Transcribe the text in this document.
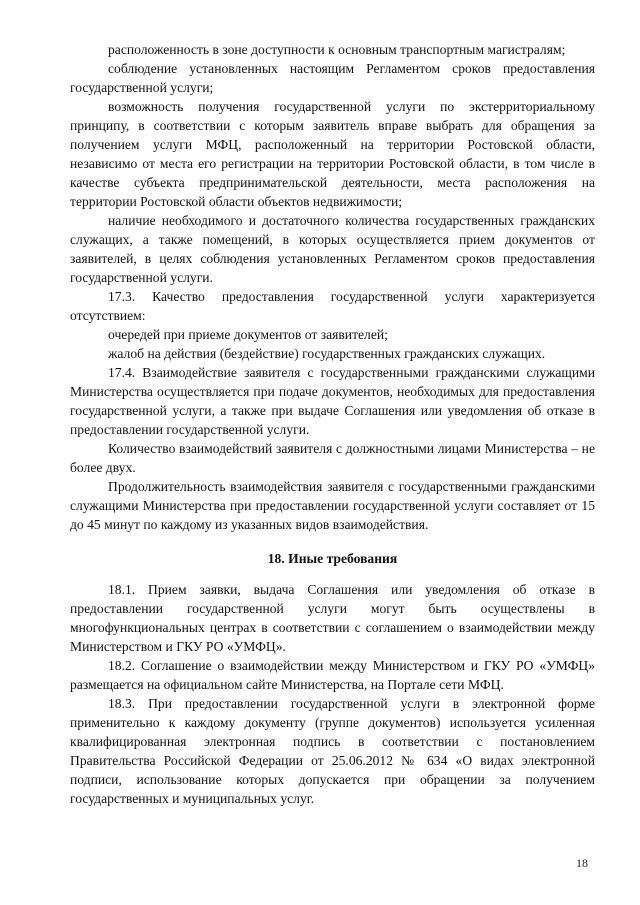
расположенность в зоне доступности к основным транспортным магистралям;

соблюдение установленных настоящим Регламентом сроков предоставления государственной услуги;

возможность получения государственной услуги по экстерриториальному принципу, в соответствии с которым заявитель вправе выбрать для обращения за получением услуги МФЦ, расположенный на территории Ростовской области, независимо от места его регистрации на территории Ростовской области, в том числе в качестве субъекта предпринимательской деятельности, места расположения на территории Ростовской области объектов недвижимости;

наличие необходимого и достаточного количества государственных гражданских служащих, а также помещений, в которых осуществляется прием документов от заявителей, в целях соблюдения установленных Регламентом сроков предоставления государственной услуги.

17.3. Качество предоставления государственной услуги характеризуется отсутствием:

очередей при приеме документов от заявителей;

жалоб на действия (бездействие) государственных гражданских служащих.

17.4. Взаимодействие заявителя с государственными гражданскими служащими Министерства осуществляется при подаче документов, необходимых для предоставления государственной услуги, а также при выдаче Соглашения или уведомления об отказе в предоставлении государственной услуги.

Количество взаимодействий заявителя с должностными лицами Министерства – не более двух.

Продолжительность взаимодействия заявителя с государственными гражданскими служащими Министерства при предоставлении государственной услуги составляет от 15 до 45 минут по каждому из указанных видов взаимодействия.

18. Иные требования

18.1. Прием заявки, выдача Соглашения или уведомления об отказе в предоставлении государственной услуги могут быть осуществлены в многофункциональных центрах в соответствии с соглашением о взаимодействии между Министерством и ГКУ РО «УМФЦ».

18.2. Соглашение о взаимодействии между Министерством и ГКУ РО «УМФЦ» размещается на официальном сайте Министерства, на Портале сети МФЦ.

18.3. При предоставлении государственной услуги в электронной форме применительно к каждому документу (группе документов) используется усиленная квалифицированная электронная подпись в соответствии с постановлением Правительства Российской Федерации от 25.06.2012 № 634 «О видах электронной подписи, использование которых допускается при обращении за получением государственных и муниципальных услуг.

18
